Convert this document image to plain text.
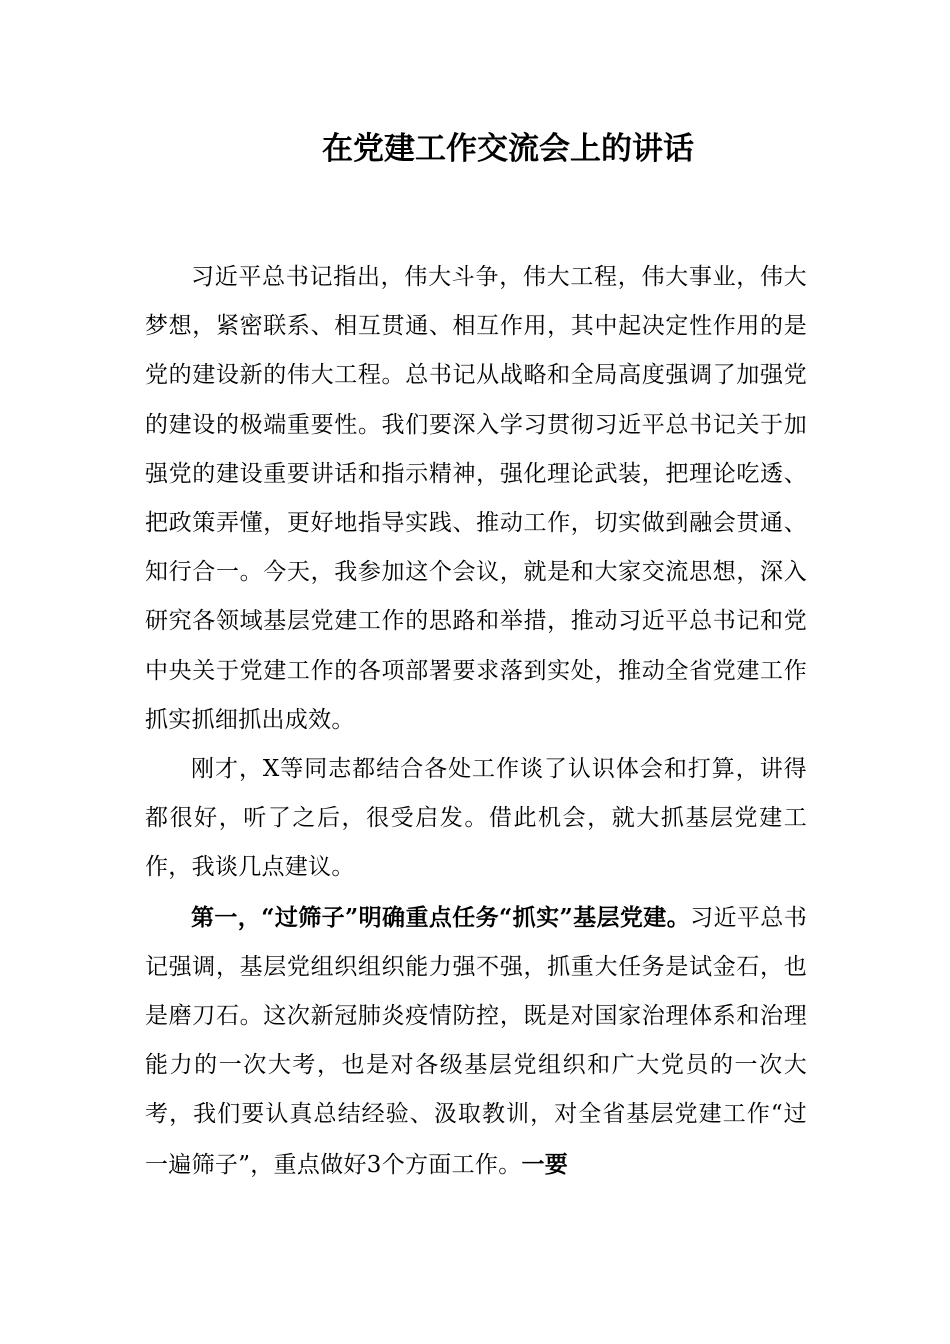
在党建工作交流会上的讲话

习近平总书记指出，伟大斗争，伟大工程，伟大事业，伟大梦想，紧密联系、相互贯通、相互作用，其中起决定性作用的是党的建设新的伟大工程。总书记从战略和全局高度强调了加强党的建设的极端重要性。我们要深入学习贯彻习近平总书记关于加强党的建设重要讲话和指示精神，强化理论武装，把理论吃透、把政策弄懂，更好地指导实践、推动工作，切实做到融会贯通、知行合一。今天，我参加这个会议，就是和大家交流思想，深入研究各领域基层党建工作的思路和举措，推动习近平总书记和党中央关于党建工作的各项部署要求落到实处，推动全省党建工作抓实抓细抓出成效。

刚才，X等同志都结合各处工作谈了认识体会和打算，讲得都很好，听了之后，很受启发。借此机会，就大抓基层党建工作，我谈几点建议。

第一，“过筛子”明确重点任务“抓实”基层党建。习近平总书记强调，基层党组织组织能力强不强，抓重大任务是试金石，也是磨刀石。这次新冠肺炎疫情防控，既是对国家治理体系和治理能力的一次大考，也是对各级基层党组织和广大党员的一次大考，我们要认真总结经验、汲取教训，对全省基层党建工作“过一遍筛子”，重点做好3个方面工作。一要
